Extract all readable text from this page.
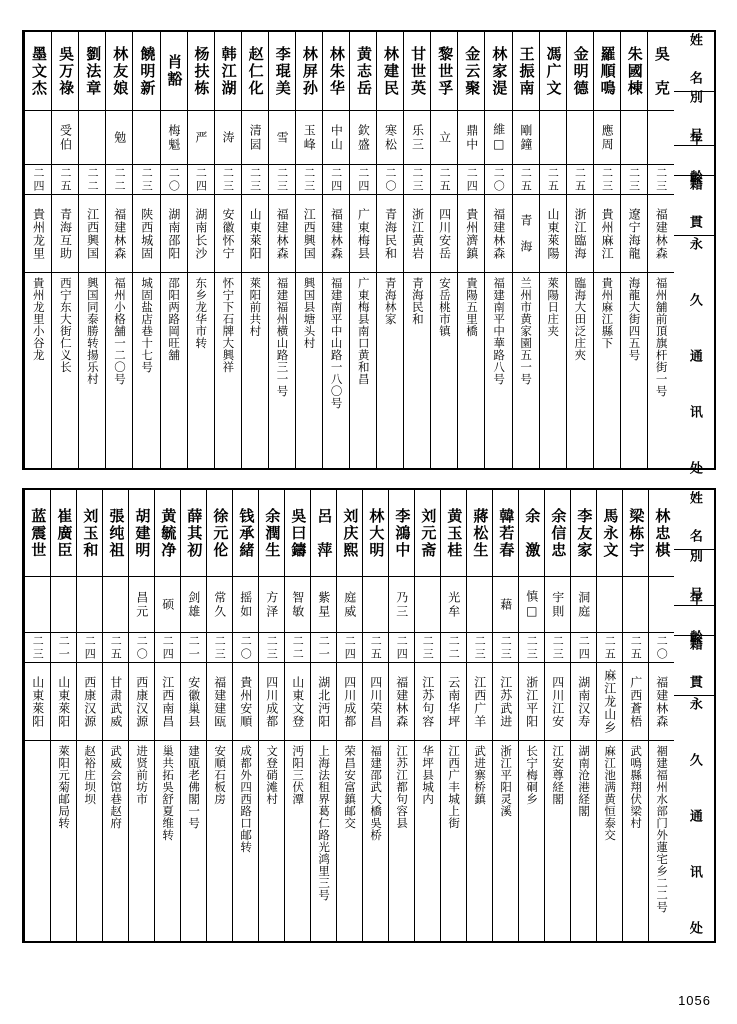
姓　名
別　号
年　齡
籍　貫
永 久 通 讯 处
吳　克
二三
福建林森
福州舖前頂旗杆街一号
朱國棟
二三
遼宁海龍
海龍大街四五号
羅順鳴
應周
二三
貴州麻江
貴州麻江縣下
金明德
二五
浙江臨海
臨海大田泛庄夾
馮广文
二五
山東萊陽
萊陽日庄夹
王振南
剛鐘
二五
青　海
兰州市黄家園五一号
林家湜
維□
二〇
福建林森
福建南平中華路八号
金云聚
鼎中
二四
貴州濟鎮
貴陽五里橋
黎世孚
立
二五
四川安岳
安岳桃市镇
甘世英
乐三
二三
浙江黄岩
青海民和
林建民
寒松
二〇
青海民和
青海林家
黄志岳
欽盛
二四
广東梅县
广東梅县南口黄和昌
林朱华
中山
二四
福建林森
福建南平中山路一八〇号
林屏孙
玉峰
二三
江西興国
興国县塘头村
李琨美
雪
二三
福建林森
福建福州横山路三一号
赵仁化
清囩
二三
山東萊阳
萊阳前共村
韩江湖
涛
二三
安徽怀宁
怀宁下石牌大興祥
杨扶栋
严
二四
湖南长沙
东乡龙华市转
肖豁
梅魁
二〇
湖南邵阳
邵阳两路岡旺舖
饒明新
二三
陕西城固
城固盐店巷十七号
林友娘
勉
二二
福建林森
福州小格舖一二〇号
劉法章
二二
江西興国
興国同泰勝转揚乐村
吳万祿
受伯
二五
青海互助
西宁东大街仁义长
墨文杰
二四
貴州龙里
貴州龙里小谷龙
姓　名
別　号
年　齡
籍　貫
永 久 通 讯 处
林忠棋
二〇
福建林森
祻建福州水部门外蓮宅乡二二号
梁栋宇
二五
广西蒼梧
武鳴縣翔伏梁村
馬永文
二五
麻江龙山乡
麻江池满黄恒泰交
李友家
洞庭
二四
湖南汉寿
湖南沧港経閣
余信忠
宇則
二三
四川江安
江安尊経閣
余　激
慎□
二三
浙江平阳
长宁梅硐乡
韓若春
藉
二三
江苏武进
浙江平阳灵溪
蔣松生
二三
江西广羊
武进寨桥鎮
黄玉桂
光牟
二二
云南华坪
江西广丰城上街
刘元斋
二三
江苏句容
华坪县城内
李鴻中
乃三
二四
福建林森
江苏江都句容县
林大明
二五
四川荣昌
福建邵武大橋吳桥
刘庆熙
庭威
二四
四川成都
荣昌安富鎮邮交
呂　萍
紫星
二一
湖北沔阳
上海法租界葛仁路光鸿里三号
吳曰鑄
智敏
二二
山東文登
沔阳三伏潭
余潤生
方泽
二三
四川成都
文登硝滩村
钱承緒
摇如
二〇
貴州安順
成都外四西路口邮转
徐元伦
常久
二三
福建建瓯
安順石板房
薛其初
剑雄
二一
安徽巢县
建瓯老佛閣一号
黄毓净
硕
二四
江西南昌
巢共拓吳舒夏维转
胡建明
昌元
二〇
西康汉源
进贤前坊市
張纯祖
二五
甘肃武威
武威会馆巷赵府
刘玉和
二四
西康汉源
赵裕庄坝坝
崔廣臣
二一
山東萊阳
萊阳元菊邮局转
蓝震世
二三
山東萊阳
1056
